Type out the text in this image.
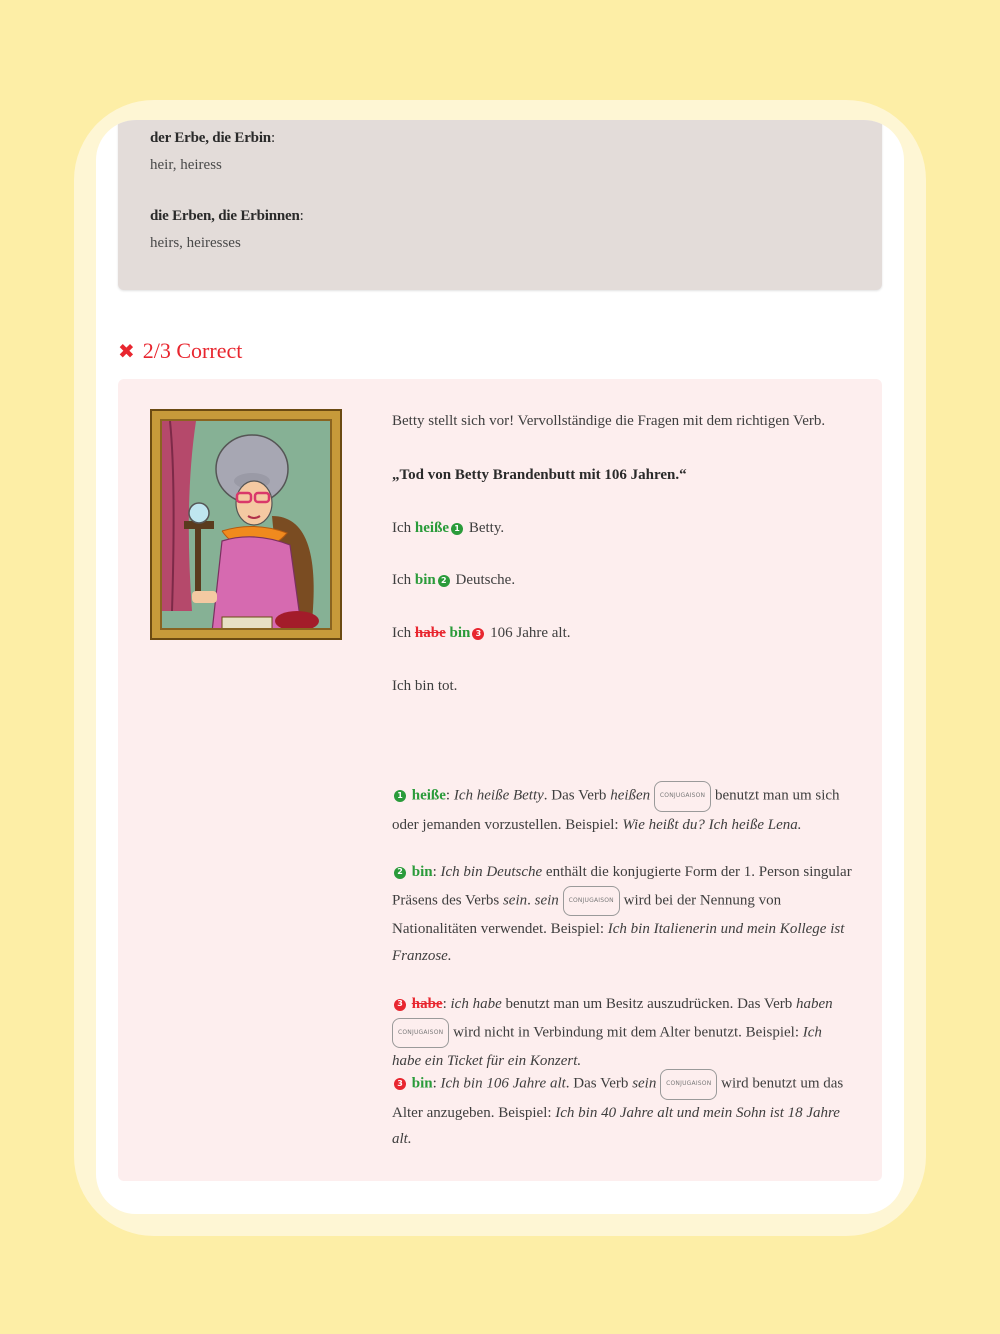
der Erbe, die Erbin:
heir, heiress
die Erben, die Erbinnen:
heirs, heiresses
✖ 2/3 Correct
Betty stellt sich vor! Vervollständige die Fragen mit dem richtigen Verb.
„Tod von Betty Brandenbutt mit 106 Jahren.“
Ich heiße 1 Betty.
Ich bin 2 Deutsche.
Ich habe bin 3 106 Jahre alt.
Ich bin tot.
1 heiße: Ich heiße Betty. Das Verb heißen CONJUGAISON benutzt man um sich oder jemanden vorzustellen. Beispiel: Wie heißt du? Ich heiße Lena.
2 bin: Ich bin Deutsche enthält die konjugierte Form der 1. Person singular Präsens des Verbs sein. sein CONJUGAISON wird bei der Nennung von Nationalitäten verwendet. Beispiel: Ich bin Italienerin und mein Kollege ist Franzose.
3 habe: ich habe benutzt man um Besitz auszudrücken. Das Verb haben CONJUGAISON wird nicht in Verbindung mit dem Alter benutzt. Beispiel: Ich habe ein Ticket für ein Konzert.
3 bin: Ich bin 106 Jahre alt. Das Verb sein CONJUGAISON wird benutzt um das Alter anzugeben. Beispiel: Ich bin 40 Jahre alt und mein Sohn ist 18 Jahre alt.
